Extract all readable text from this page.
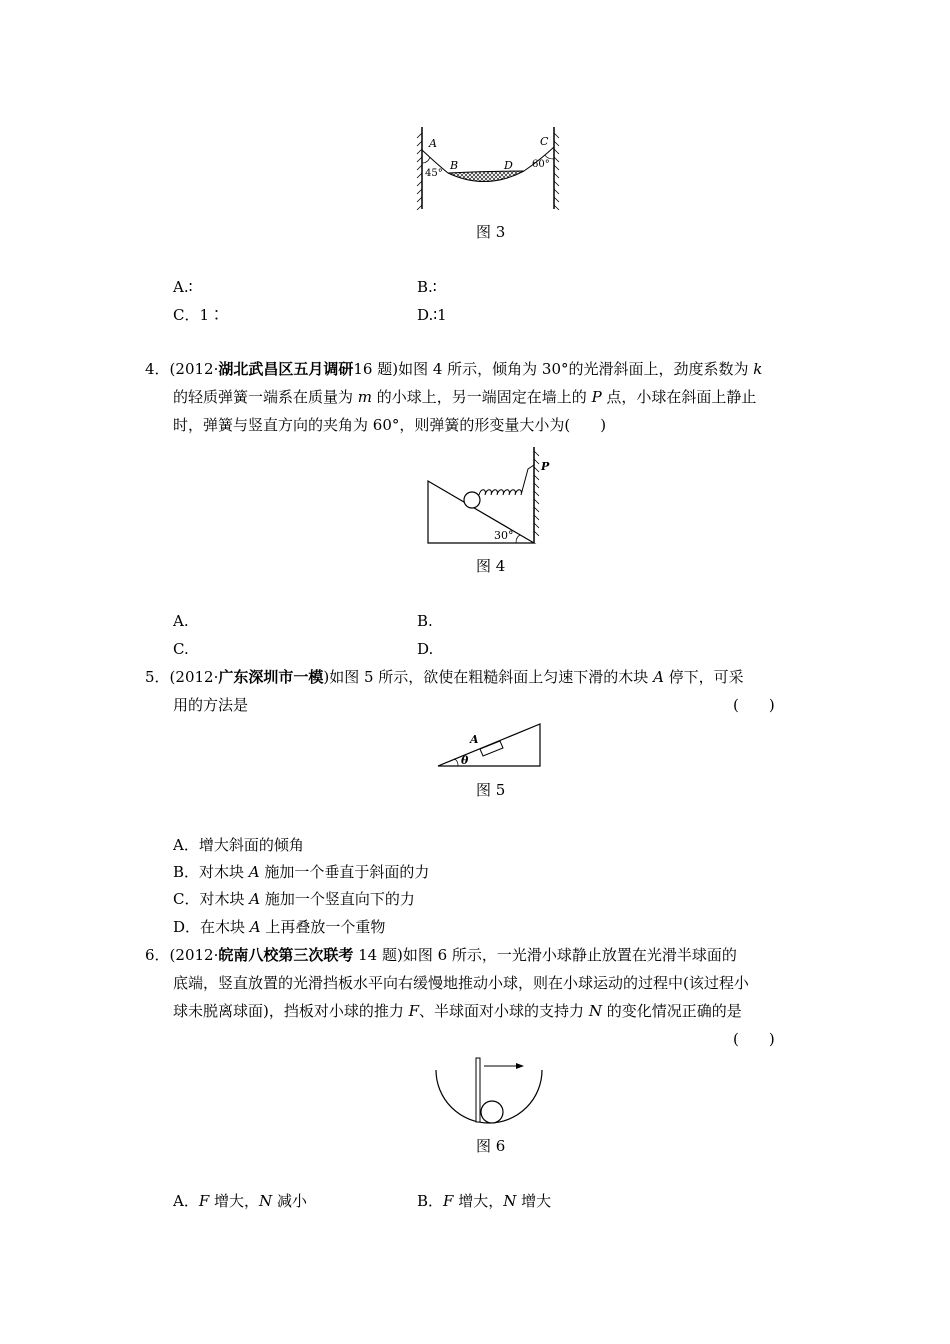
A
B
C
D
45°
60°
图 3
A.∶	B.∶
C．1∶	D.∶1
4．(2012·湖北武昌区五月调研16 题)如图 4 所示，倾角为 30°的光滑斜面上，劲度系数为 k
的轻质弹簧一端系在质量为 m 的小球上，另一端固定在墙上的 P 点，小球在斜面上静止
时，弹簧与竖直方向的夹角为 60°，则弹簧的形变量大小为(　　)
P
30°
图 4
A.	B.
C.	D.
5．(2012·广东深圳市一模)如图 5 所示，欲使在粗糙斜面上匀速下滑的木块 A 停下，可采
用的方法是	(　　)
A
θ
图 5
A．增大斜面的倾角
B．对木块 A 施加一个垂直于斜面的力
C．对木块 A 施加一个竖直向下的力
D．在木块 A 上再叠放一个重物
6．(2012·皖南八校第三次联考 14 题)如图 6 所示，一光滑小球静止放置在光滑半球面的
底端，竖直放置的光滑挡板水平向右缓慢地推动小球，则在小球运动的过程中(该过程小
球未脱离球面)，挡板对小球的推力 F、半球面对小球的支持力 N 的变化情况正确的是
(　　)
图 6
A．F 增大，N 减小	B．F 增大，N 增大
